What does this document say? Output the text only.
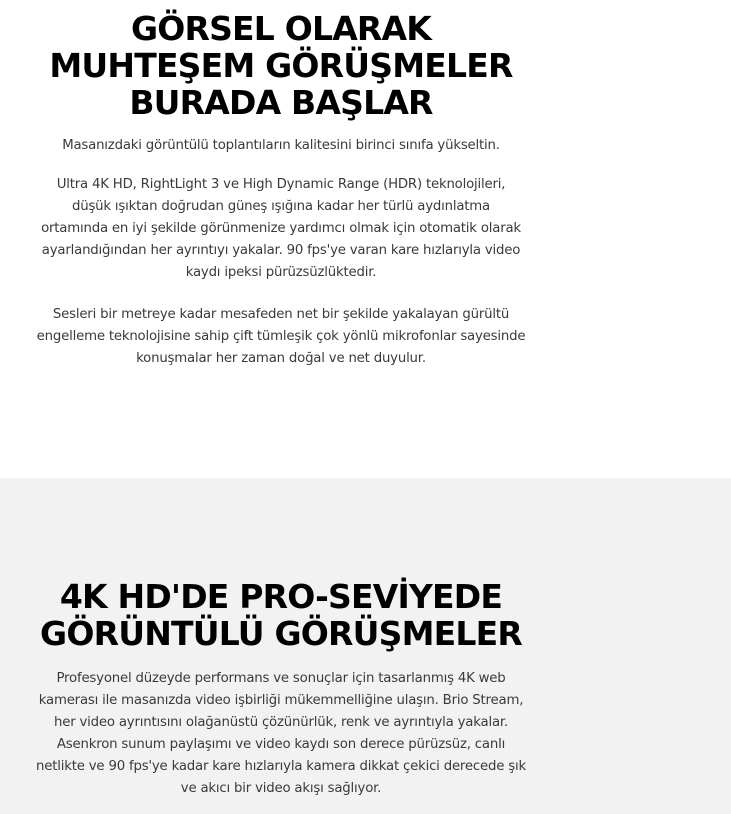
GÖRSEL OLARAK
MUHTEŞEM GÖRÜŞMELER
BURADA BAŞLAR

Masanızdaki görüntülü toplantıların kalitesini birinci sınıfa yükseltin.

Ultra 4K HD, RightLight 3 ve High Dynamic Range (HDR) teknolojileri,
düşük ışıktan doğrudan güneş ışığına kadar her türlü aydınlatma
ortamında en iyi şekilde görünmenize yardımcı olmak için otomatik olarak
ayarlandığından her ayrıntıyı yakalar. 90 fps'ye varan kare hızlarıyla video
kaydı ipeksi pürüzsüzlüktedir.

Sesleri bir metreye kadar mesafeden net bir şekilde yakalayan gürültü
engelleme teknolojisine sahip çift tümleşik çok yönlü mikrofonlar sayesinde
konuşmalar her zaman doğal ve net duyulur.

4K HD'DE PRO-SEVİYEDE
GÖRÜNTÜLÜ GÖRÜŞMELER

Profesyonel düzeyde performans ve sonuçlar için tasarlanmış 4K web
kamerası ile masanızda video işbirliği mükemmelliğine ulaşın. Brio Stream,
her video ayrıntısını olağanüstü çözünürlük, renk ve ayrıntıyla yakalar.
Asenkron sunum paylaşımı ve video kaydı son derece pürüzsüz, canlı
netlikte ve 90 fps'ye kadar kare hızlarıyla kamera dikkat çekici derecede şık
ve akıcı bir video akışı sağlıyor.
